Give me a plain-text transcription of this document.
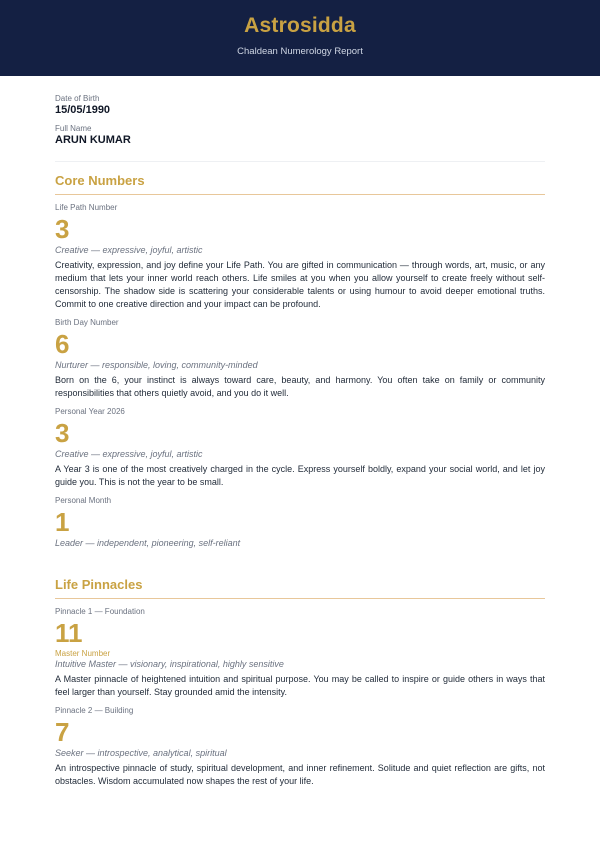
Astrosidda
Chaldean Numerology Report
Date of Birth
15/05/1990
Full Name
ARUN KUMAR
Core Numbers
Life Path Number
3
Creative — expressive, joyful, artistic
Creativity, expression, and joy define your Life Path. You are gifted in communication — through words, art, music, or any medium that lets your inner world reach others. Life smiles at you when you allow yourself to create freely without self-censorship. The shadow side is scattering your considerable talents or using humour to avoid deeper emotional truths. Commit to one creative direction and your impact can be profound.
Birth Day Number
6
Nurturer — responsible, loving, community-minded
Born on the 6, your instinct is always toward care, beauty, and harmony. You often take on family or community responsibilities that others quietly avoid, and you do it well.
Personal Year 2026
3
Creative — expressive, joyful, artistic
A Year 3 is one of the most creatively charged in the cycle. Express yourself boldly, expand your social world, and let joy guide you. This is not the year to be small.
Personal Month
1
Leader — independent, pioneering, self-reliant
Life Pinnacles
Pinnacle 1 — Foundation
11
Master Number
Intuitive Master — visionary, inspirational, highly sensitive
A Master pinnacle of heightened intuition and spiritual purpose. You may be called to inspire or guide others in ways that feel larger than yourself. Stay grounded amid the intensity.
Pinnacle 2 — Building
7
Seeker — introspective, analytical, spiritual
An introspective pinnacle of study, spiritual development, and inner refinement. Solitude and quiet reflection are gifts, not obstacles. Wisdom accumulated now shapes the rest of your life.
